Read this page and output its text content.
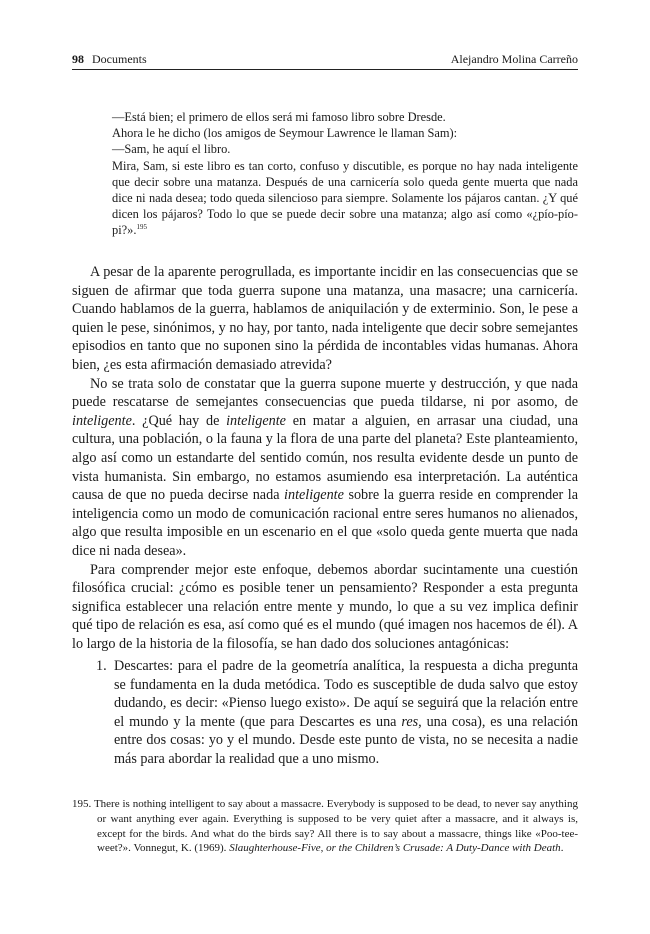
98 Documents	Alejandro Molina Carreño

—Está bien; el primero de ellos será mi famoso libro sobre Dresde.

Ahora le he dicho (los amigos de Seymour Lawrence le llaman Sam):

—Sam, he aquí el libro.

Mira, Sam, si este libro es tan corto, confuso y discutible, es porque no hay nada inteligente que decir sobre una matanza. Después de una carnicería solo queda gente muerta que nada dice ni nada desea; todo queda silencioso para siempre. Solamente los pájaros cantan. ¿Y qué dicen los pájaros? Todo lo que se puede decir sobre una matanza; algo así como «¿pío-pío-pi?».$^{195}$

A pesar de la aparente perogrullada, es importante incidir en las consecuencias que se siguen de afirmar que toda guerra supone una matanza, una masacre; una carnicería. Cuando hablamos de la guerra, hablamos de aniquilación y de exterminio. Son, le pese a quien le pese, sinónimos, y no hay, por tanto, nada inteligente que decir sobre semejantes episodios en tanto que no suponen sino la pérdida de incontables vidas humanas. Ahora bien, ¿es esta afirmación demasiado atrevida?

No se trata solo de constatar que la guerra supone muerte y destrucción, y que nada puede rescatarse de semejantes consecuencias que pueda tildarse, ni por asomo, de inteligente. ¿Qué hay de inteligente en matar a alguien, en arrasar una ciudad, una cultura, una población, o la fauna y la flora de una parte del planeta? Este planteamiento, algo así como un estandarte del sentido común, nos resulta evidente desde un punto de vista humanista. Sin embargo, no estamos asumiendo esa interpretación. La auténtica causa de que no pueda decirse nada inteligente sobre la guerra reside en comprender la inteligencia como un modo de comunicación racional entre seres humanos no alienados, algo que resulta imposible en un escenario en el que «solo queda gente muerta que nada dice ni nada desea».

Para comprender mejor este enfoque, debemos abordar sucintamente una cuestión filosófica crucial: ¿cómo es posible tener un pensamiento? Responder a esta pregunta significa establecer una relación entre mente y mundo, lo que a su vez implica definir qué tipo de relación es esa, así como qué es el mundo (qué imagen nos hacemos de él). A lo largo de la historia de la filosofía, se han dado dos soluciones antagónicas:

1. Descartes: para el padre de la geometría analítica, la respuesta a dicha pregunta se fundamenta en la duda metódica. Todo es susceptible de duda salvo que estoy dudando, es decir: «Pienso luego existo». De aquí se seguirá que la relación entre el mundo y la mente (que para Descartes es una res, una cosa), es una relación entre dos cosas: yo y el mundo. Desde este punto de vista, no se necesita a nadie más para abordar la realidad que a uno mismo.
195. There is nothing intelligent to say about a massacre. Everybody is supposed to be dead, to never say anything or want anything ever again. Everything is supposed to be very quiet after a massacre, and it always is, except for the birds. And what do the birds say? All there is to say about a massacre, things like «Poo-tee-weet?». Vonnegut, K. (1969). Slaughterhouse-Five, or the Children’s Crusade: A Duty-Dance with Death.
